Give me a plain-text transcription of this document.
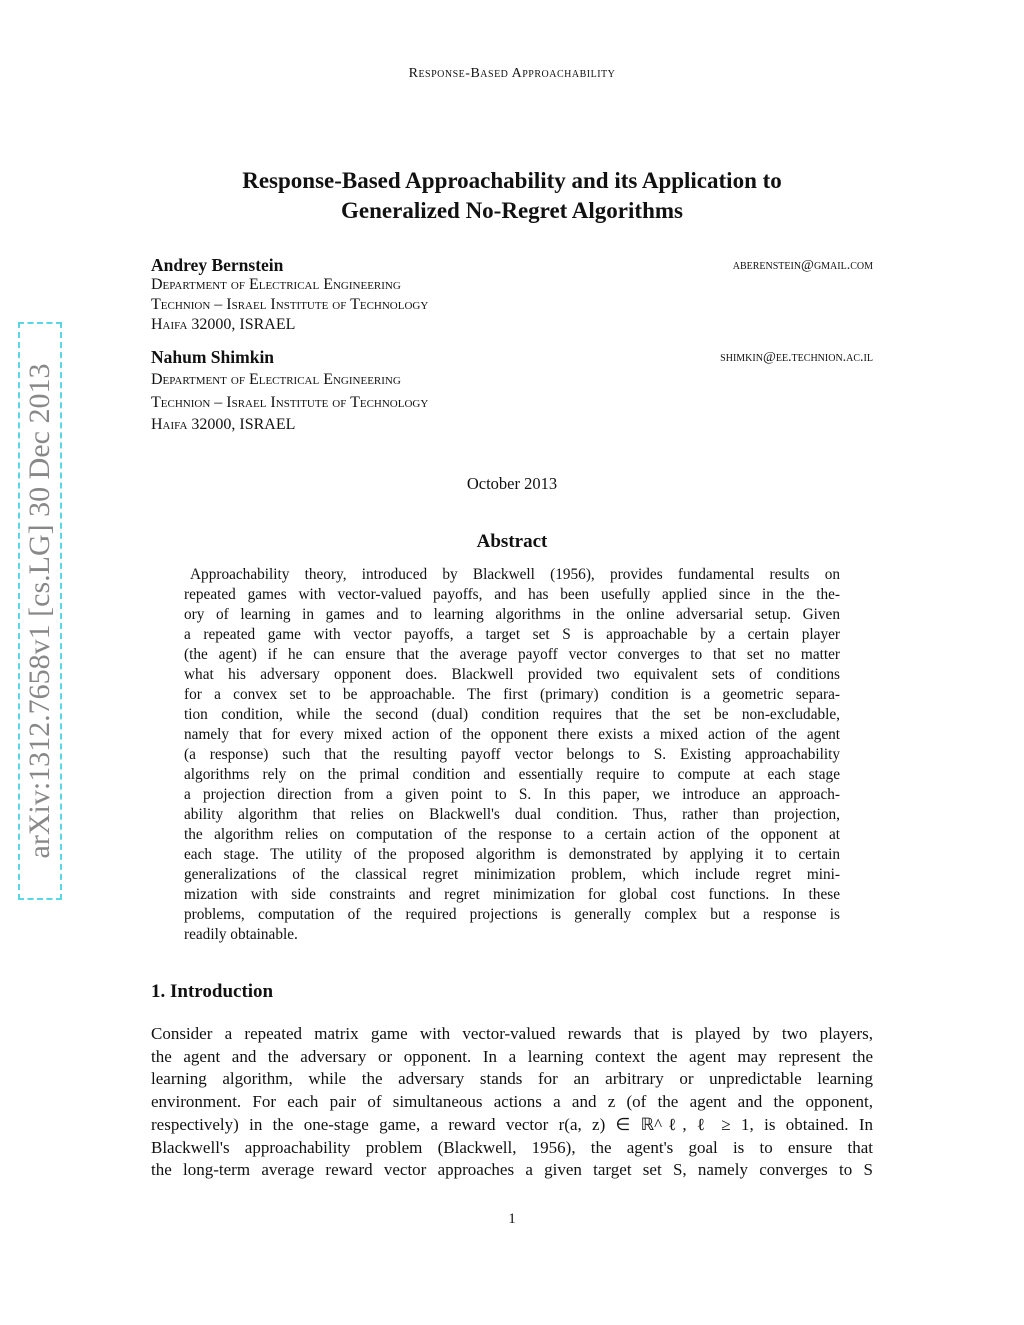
Response-Based Approachability
Response-Based Approachability and its Application to
Generalized No-Regret Algorithms
Andrey Bernstein	aberenstein@gmail.com
Department of Electrical Engineering
Technion – Israel Institute of Technology
Haifa 32000, ISRAEL
Nahum Shimkin	shimkin@ee.technion.ac.il
Department of Electrical Engineering
Technion – Israel Institute of Technology
Haifa 32000, ISRAEL
October 2013
Abstract
Approachability theory, introduced by Blackwell (1956), provides fundamental results on
repeated games with vector-valued payoffs, and has been usefully applied since in the the-
ory of learning in games and to learning algorithms in the online adversarial setup. Given
a repeated game with vector payoffs, a target set S is approachable by a certain player
(the agent) if he can ensure that the average payoff vector converges to that set no matter
what his adversary opponent does. Blackwell provided two equivalent sets of conditions
for a convex set to be approachable. The first (primary) condition is a geometric separa-
tion condition, while the second (dual) condition requires that the set be non-excludable,
namely that for every mixed action of the opponent there exists a mixed action of the agent
(a response) such that the resulting payoff vector belongs to S. Existing approachability
algorithms rely on the primal condition and essentially require to compute at each stage
a projection direction from a given point to S. In this paper, we introduce an approach-
ability algorithm that relies on Blackwell's dual condition. Thus, rather than projection,
the algorithm relies on computation of the response to a certain action of the opponent at
each stage. The utility of the proposed algorithm is demonstrated by applying it to certain
generalizations of the classical regret minimization problem, which include regret mini-
mization with side constraints and regret minimization for global cost functions. In these
problems, computation of the required projections is generally complex but a response is
readily obtainable.
1. Introduction
Consider a repeated matrix game with vector-valued rewards that is played by two players,
the agent and the adversary or opponent. In a learning context the agent may represent the
learning algorithm, while the adversary stands for an arbitrary or unpredictable learning
environment. For each pair of simultaneous actions a and z (of the agent and the opponent,
respectively) in the one-stage game, a reward vector r(a, z) ∈ ℝ^ℓ, ℓ ≥ 1, is obtained. In
Blackwell's approachability problem (Blackwell, 1956), the agent's goal is to ensure that
the long-term average reward vector approaches a given target set S, namely converges to S
1
arXiv:1312.7658v1 [cs.LG] 30 Dec 2013
